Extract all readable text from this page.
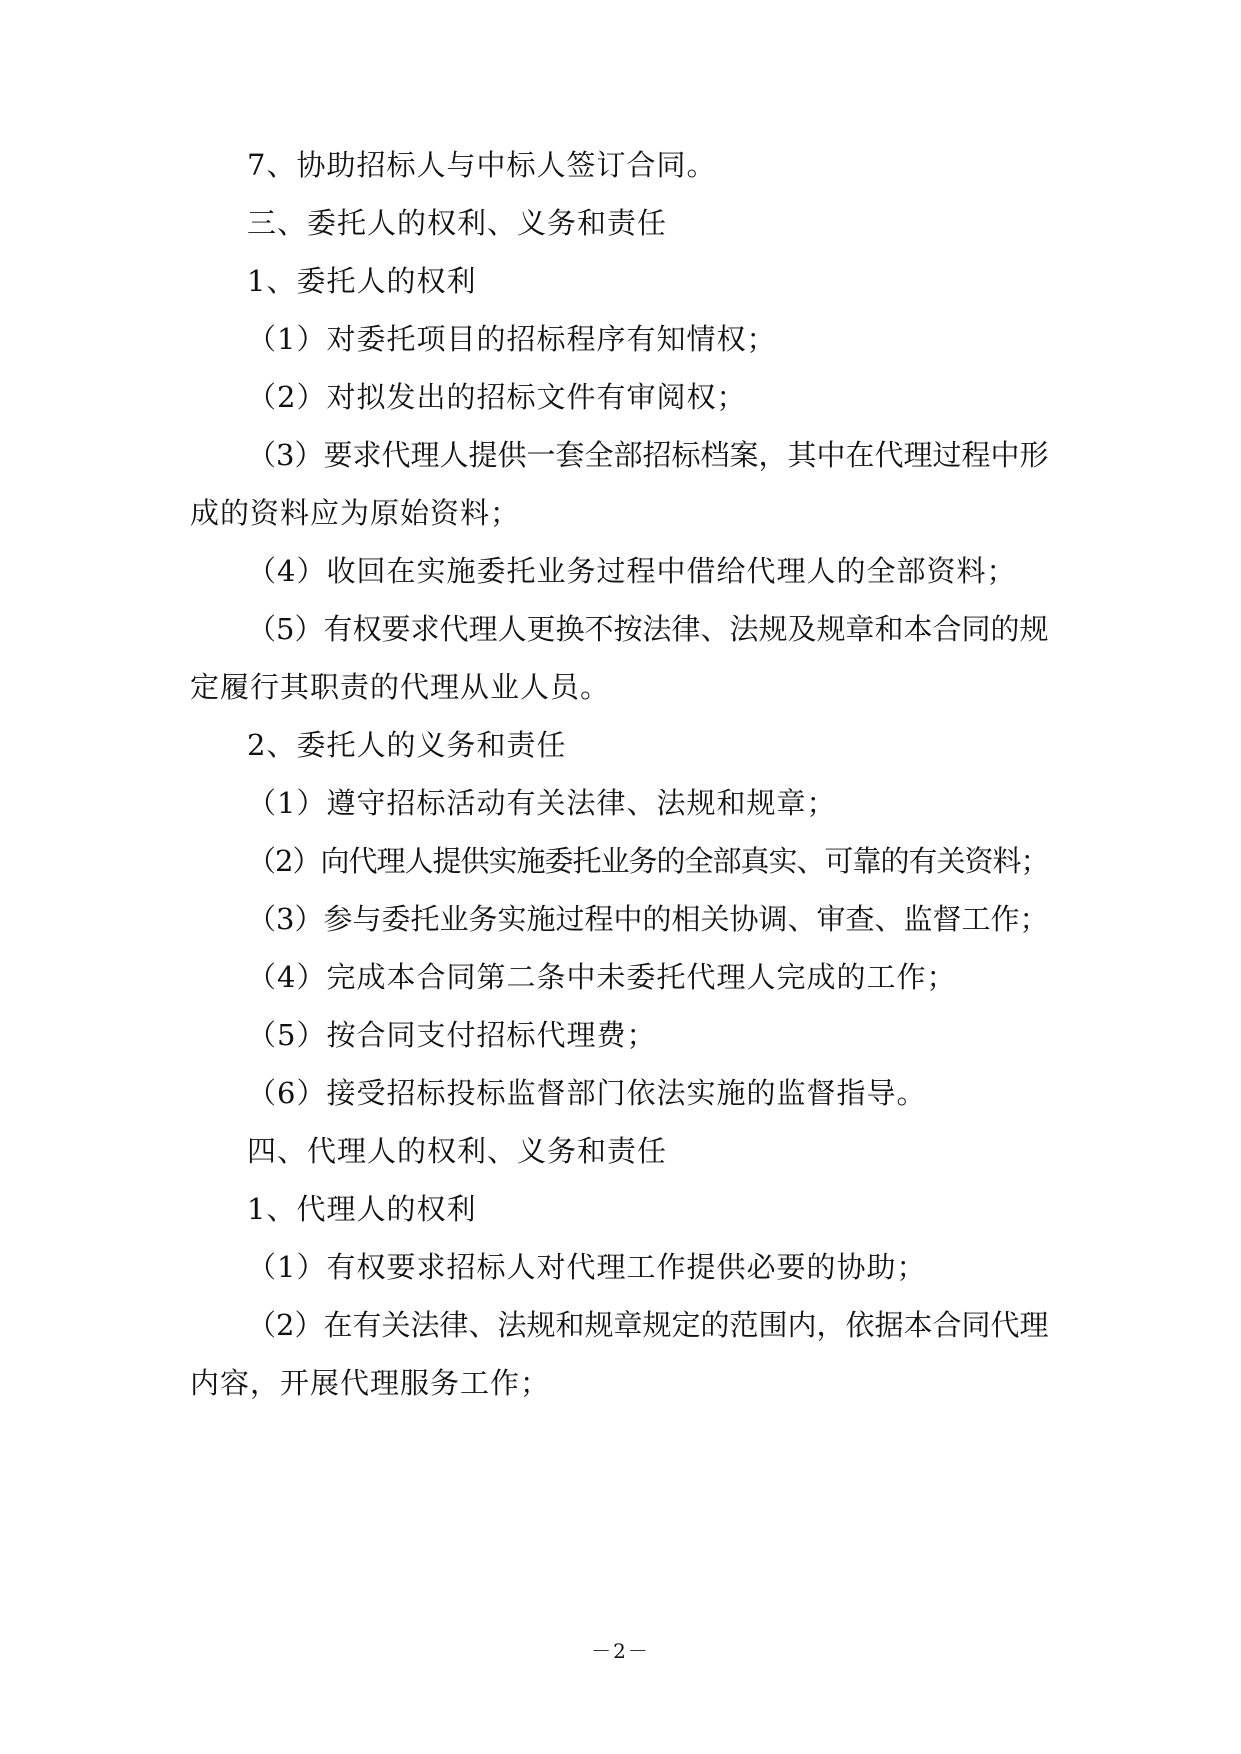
7、协助招标人与中标人签订合同。
三、委托人的权利、义务和责任
1、委托人的权利
（1）对委托项目的招标程序有知情权；
（2）对拟发出的招标文件有审阅权；
（3）要求代理人提供一套全部招标档案，其中在代理过程中形
成的资料应为原始资料；
（4）收回在实施委托业务过程中借给代理人的全部资料；
（5）有权要求代理人更换不按法律、法规及规章和本合同的规
定履行其职责的代理从业人员。
2、委托人的义务和责任
（1）遵守招标活动有关法律、法规和规章；
（2）向代理人提供实施委托业务的全部真实、可靠的有关资料；
（3）参与委托业务实施过程中的相关协调、审查、监督工作；
（4）完成本合同第二条中未委托代理人完成的工作；
（5）按合同支付招标代理费；
（6）接受招标投标监督部门依法实施的监督指导。
四、代理人的权利、义务和责任
1、代理人的权利
（1）有权要求招标人对代理工作提供必要的协助；
（2）在有关法律、法规和规章规定的范围内，依据本合同代理
内容，开展代理服务工作；
－2－
